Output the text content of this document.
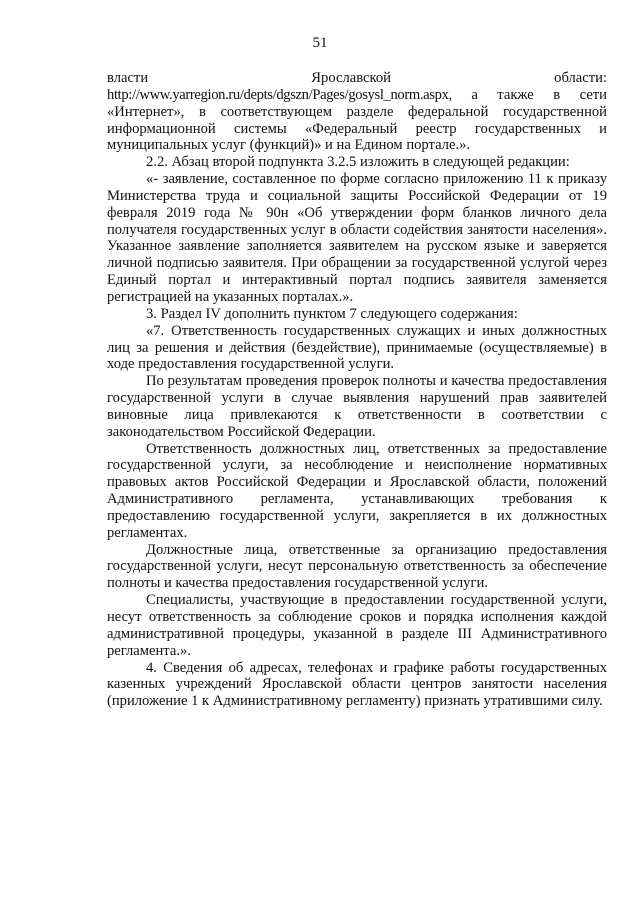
51
власти	Ярославской	области:

http://www.yarregion.ru/depts/dgszn/Pages/gosysl_norm.aspx, а также в сети «Интернет», в соответствующем разделе федеральной государственной информационной системы «Федеральный реестр государственных и муниципальных услуг (функций)» и на Едином портале.».

2.2. Абзац второй подпункта 3.2.5 изложить в следующей редакции:

«- заявление, составленное по форме согласно приложению 11 к приказу Министерства труда и социальной защиты Российской Федерации от 19 февраля 2019 года № 90н «Об утверждении форм бланков личного дела получателя государственных услуг в области содействия занятости населения». Указанное заявление заполняется заявителем на русском языке и заверяется личной подписью заявителя. При обращении за государственной услугой через Единый портал и интерактивный портал подпись заявителя заменяется регистрацией на указанных порталах.».

3. Раздел IV дополнить пунктом 7 следующего содержания:

«7. Ответственность государственных служащих и иных должностных лиц за решения и действия (бездействие), принимаемые (осуществляемые) в ходе предоставления государственной услуги.

По результатам проведения проверок полноты и качества предоставления государственной услуги в случае выявления нарушений прав заявителей виновные лица привлекаются к ответственности в соответствии с законодательством Российской Федерации.

Ответственность должностных лиц, ответственных за предоставление государственной услуги, за несоблюдение и неисполнение нормативных правовых актов Российской Федерации и Ярославской области, положений Административного регламента, устанавливающих требования к предоставлению государственной услуги, закрепляется в их должностных регламентах.

Должностные лица, ответственные за организацию предоставления государственной услуги, несут персональную ответственность за обеспечение полноты и качества предоставления государственной услуги.

Специалисты, участвующие в предоставлении государственной услуги, несут ответственность за соблюдение сроков и порядка исполнения каждой административной процедуры, указанной в разделе III Административного регламента.».

4. Сведения об адресах, телефонах и графике работы государственных казенных учреждений Ярославской области центров занятости населения (приложение 1 к Административному регламенту) признать утратившими силу.
